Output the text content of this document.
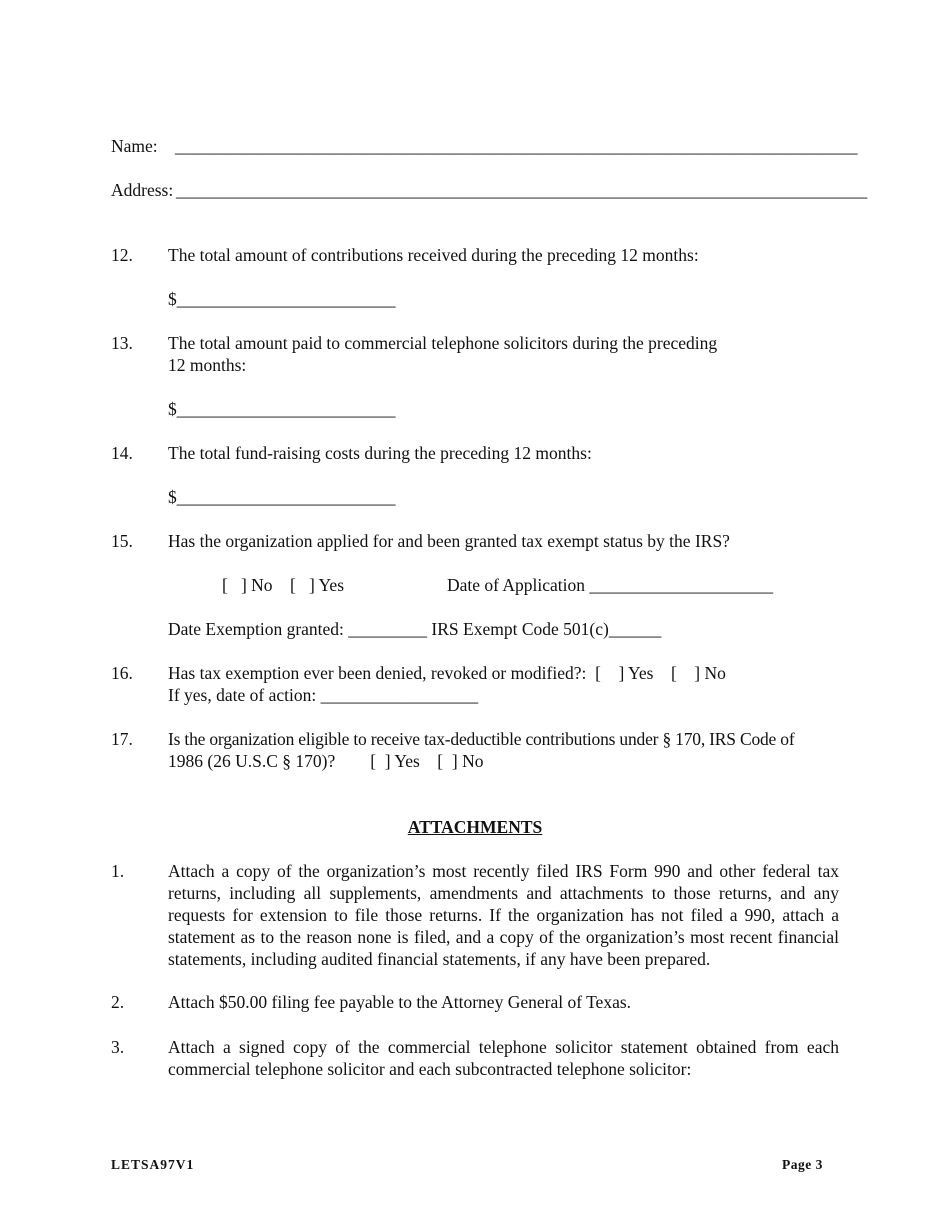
Name: ______________________________________________________________________________
Address: _______________________________________________________________________________
12. The total amount of contributions received during the preceding 12 months:
$_________________________
13. The total amount paid to commercial telephone solicitors during the preceding
12 months:
$_________________________
14. The total fund-raising costs during the preceding 12 months:
$_________________________
15. Has the organization applied for and been granted tax exempt status by the IRS?
[   ] No    [   ] Yes	Date of Application _____________________
Date Exemption granted: _________ IRS Exempt Code 501(c)______
16. Has tax exemption ever been denied, revoked or modified?:  [    ] Yes    [    ] No
If yes, date of action: __________________
17. Is the organization eligible to receive tax-deductible contributions under § 170, IRS Code of
1986 (26 U.S.C § 170)?        [  ] Yes    [  ] No
ATTACHMENTS
1.	Attach a copy of the organization’s most recently filed IRS Form 990 and other federal tax returns, including all supplements, amendments and attachments to those returns, and any requests for extension to file those returns. If the organization has not filed a 990, attach a statement as to the reason none is filed, and a copy of the organization’s most recent financial statements, including audited financial statements, if any have been prepared.
2.	Attach $50.00 filing fee payable to the Attorney General of Texas.
3.	Attach a signed copy of the commercial telephone solicitor statement obtained from each commercial telephone solicitor and each subcontracted telephone solicitor:
LETSA97V1	Page 3
